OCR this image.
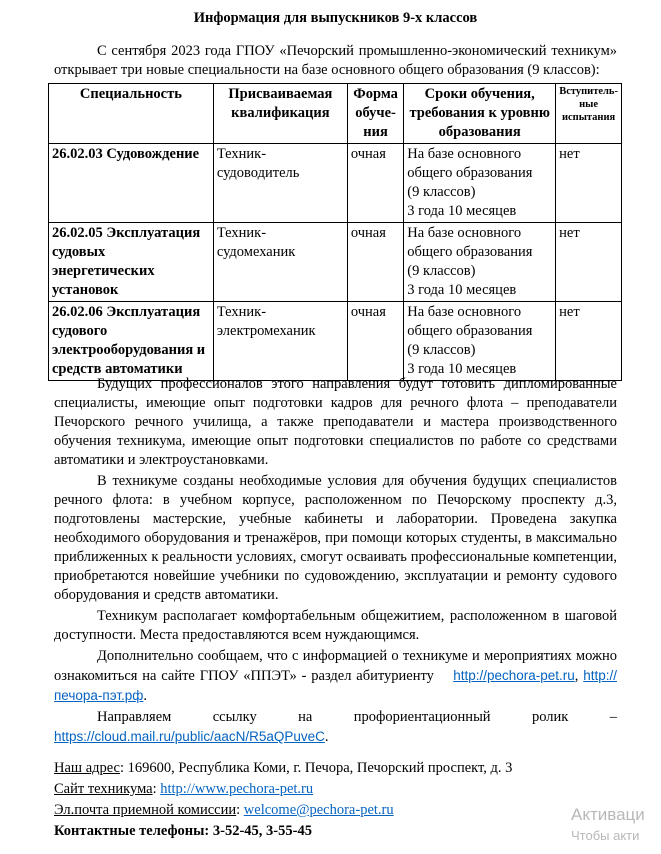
Информация для выпускников 9-х классов

С сентября 2023 года ГПОУ «Печорский промышленно-экономический техникум» открывает три новые специальности на базе основного общего образования (9 классов):

Специальность	Присваиваемая квалификация	Форма обуче-ния	Сроки обучения, требования к уровню образования	Вступитель-ные испытания
26.02.03 Судовождение	Техник-судоводитель	очная	На базе основного
общего образования
(9 классов)
3 года 10 месяцев	нет
26.02.05 Эксплуатация судовых энергетических установок	Техник-судомеханик	очная	На базе основного
общего образования
(9 классов)
3 года 10 месяцев	нет
26.02.06 Эксплуатация судового электрооборудования и средств автоматики	Техник-электромеханик	очная	На базе основного
общего образования
(9 классов)
3 года 10 месяцев	нет

Будущих профессионалов этого направления будут готовить дипломированные специалисты, имеющие опыт подготовки кадров для речного флота – преподаватели Печорского речного училища, а также преподаватели и мастера производственного обучения техникума, имеющие опыт подготовки специалистов по работе со средствами автоматики и электроустановками.

В техникуме созданы необходимые условия для обучения будущих специалистов речного флота: в учебном корпусе, расположенном по Печорскому проспекту д.3, подготовлены мастерские, учебные кабинеты и лаборатории. Проведена закупка необходимого оборудования и тренажёров, при помощи которых студенты, в максимально приближенных к реальности условиях, смогут осваивать профессиональные компетенции, приобретаются новейшие учебники по судовождению, эксплуатации и ремонту судового оборудования и средств автоматики.

Техникум располагает комфортабельным общежитием, расположенном в шаговой доступности. Места предоставляются всем нуждающимся.

Дополнительно сообщаем, что с информацией о техникуме и мероприятиях можно ознакомиться на сайте ГПОУ «ППЭТ» - раздел абитуриенту http://pechora-pet.ru, http://печора-пэт.рф.

Направляем	ссылку	на	профориентационный	ролик	–

https://cloud.mail.ru/public/aacN/R5aQPuveC.

Наш адрес: 169600, Республика Коми, г. Печора, Печорский проспект, д. 3
Сайт техникума: http://www.pechora-pet.ru
Эл.почта приемной комиссии: welcome@pechora-pet.ru
Контактные телефоны: 3-52-45, 3-55-45
Активаци
Чтобы акти
